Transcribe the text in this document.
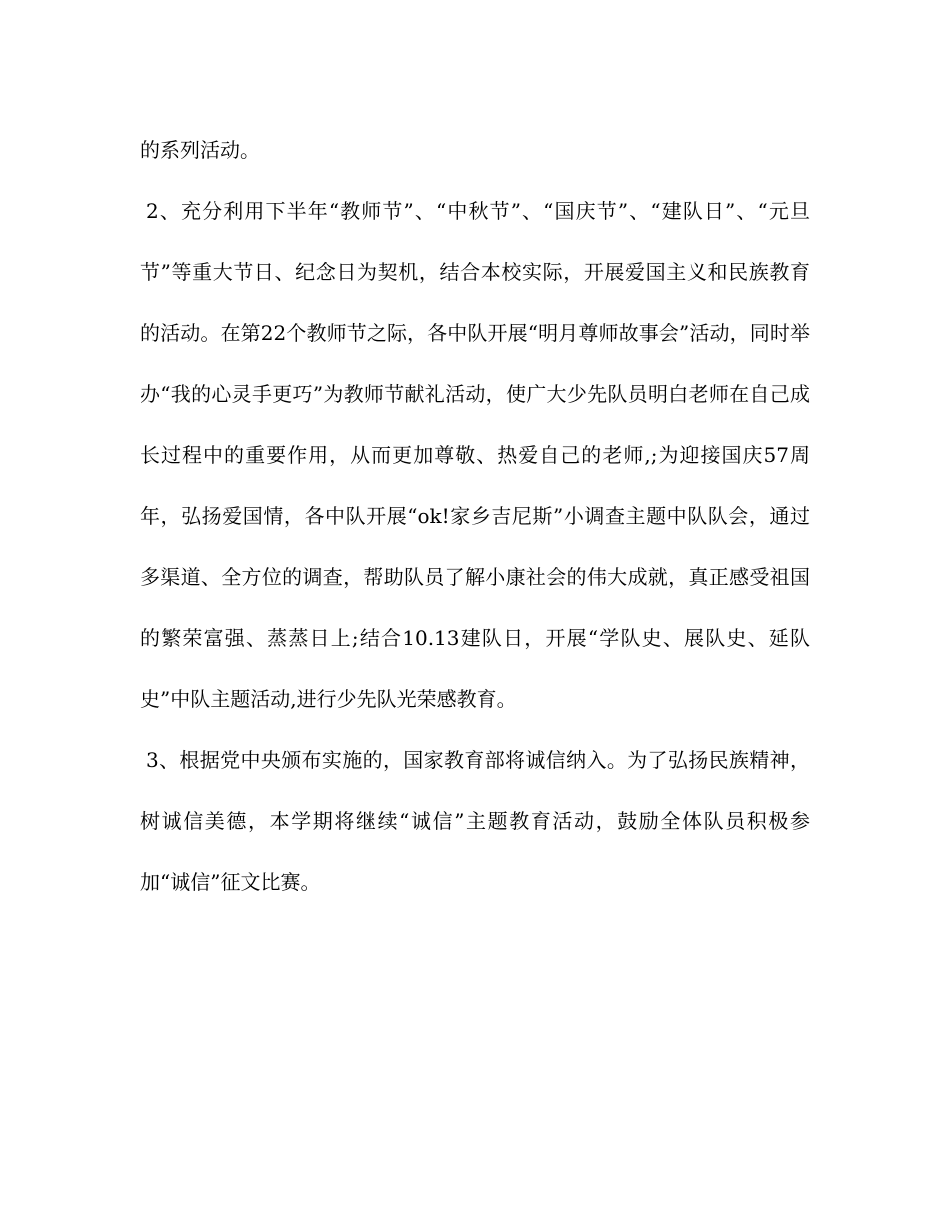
的系列活动。

2、充分利用下半年“教师节”、“中秋节”、“国庆节”、“建队日”、“元旦节”等重大节日、纪念日为契机，结合本校实际，开展爱国主义和民族教育的活动。在第22个教师节之际，各中队开展“明月尊师故事会”活动，同时举办“我的心灵手更巧”为教师节献礼活动，使广大少先队员明白老师在自己成长过程中的重要作用，从而更加尊敬、热爱自己的老师,;为迎接国庆57周年，弘扬爱国情，各中队开展“ok!家乡吉尼斯”小调查主题中队队会，通过多渠道、全方位的调查，帮助队员了解小康社会的伟大成就，真正感受祖国的繁荣富强、蒸蒸日上;结合10.13建队日，开展“学队史、展队史、延队史”中队主题活动,进行少先队光荣感教育。

3、根据党中央颁布实施的，国家教育部将诚信纳入。为了弘扬民族精神，树诚信美德，本学期将继续“诚信”主题教育活动，鼓励全体队员积极参加“诚信”征文比赛。
